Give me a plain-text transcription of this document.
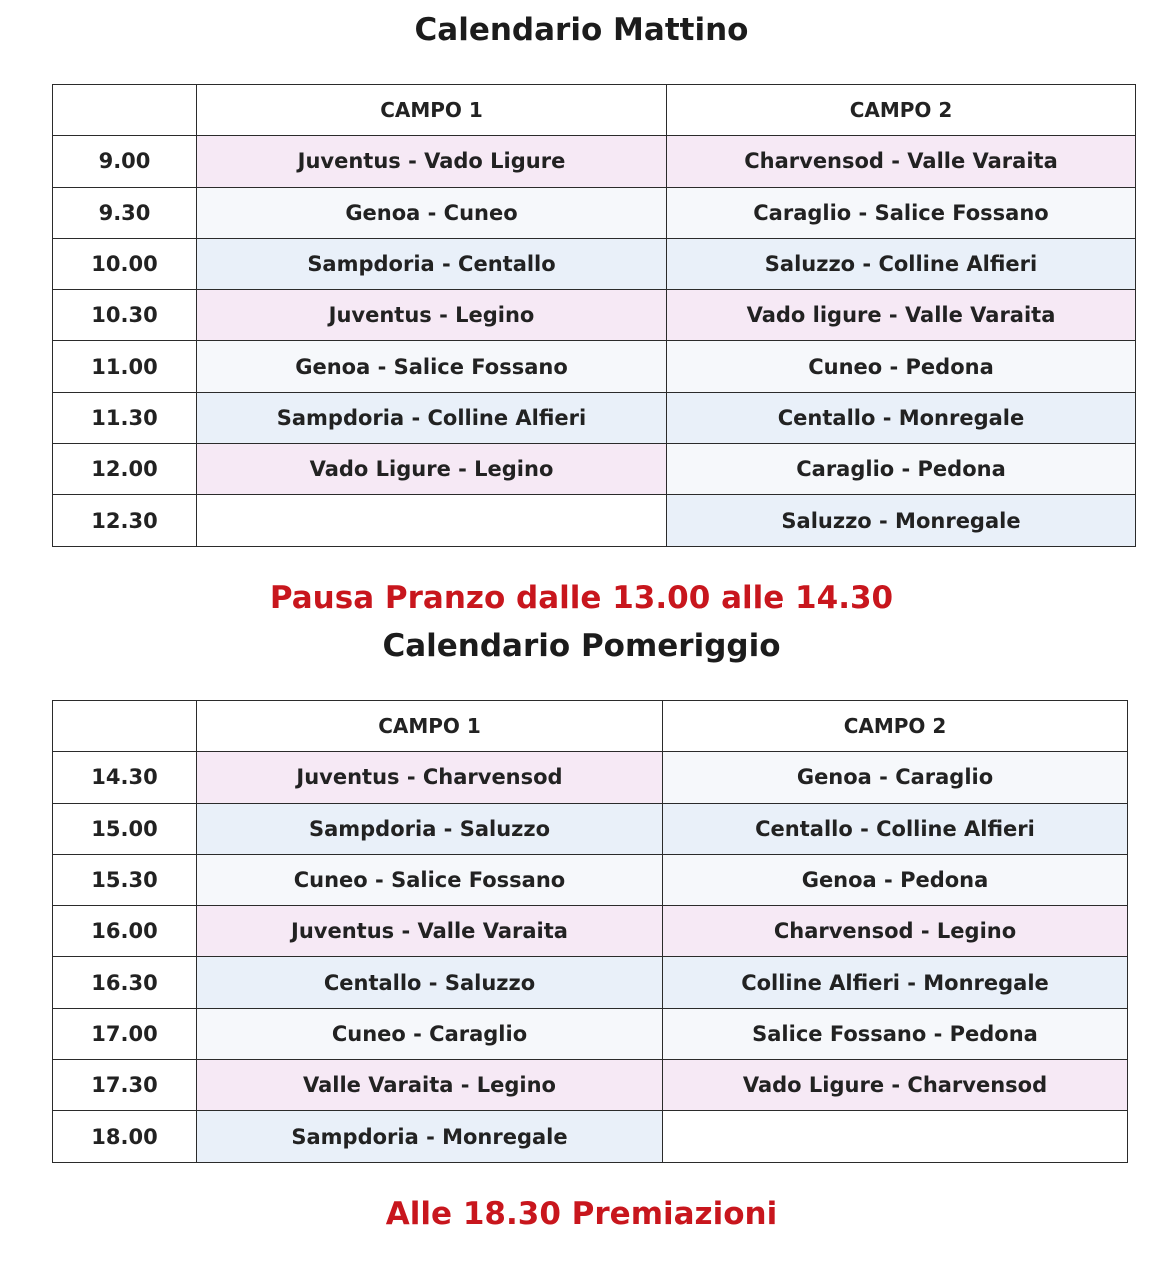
Calendario Mattino
	CAMPO 1	CAMPO 2
9.00	Juventus - Vado Ligure	Charvensod - Valle Varaita
9.30	Genoa - Cuneo	Caraglio - Salice Fossano
10.00	Sampdoria - Centallo	Saluzzo - Colline Alfieri
10.30	Juventus - Legino	Vado ligure - Valle Varaita
11.00	Genoa - Salice Fossano	Cuneo - Pedona
11.30	Sampdoria - Colline Alfieri	Centallo - Monregale
12.00	Vado Ligure - Legino	Caraglio - Pedona
12.30		Saluzzo - Monregale
Pausa Pranzo dalle 13.00 alle 14.30
Calendario Pomeriggio
	CAMPO 1	CAMPO 2
14.30	Juventus - Charvensod	Genoa - Caraglio
15.00	Sampdoria - Saluzzo	Centallo - Colline Alfieri
15.30	Cuneo - Salice Fossano	Genoa - Pedona
16.00	Juventus - Valle Varaita	Charvensod - Legino
16.30	Centallo - Saluzzo	Colline Alfieri - Monregale
17.00	Cuneo - Caraglio	Salice Fossano - Pedona
17.30	Valle Varaita - Legino	Vado Ligure - Charvensod
18.00	Sampdoria - Monregale	
Alle 18.30 Premiazioni
